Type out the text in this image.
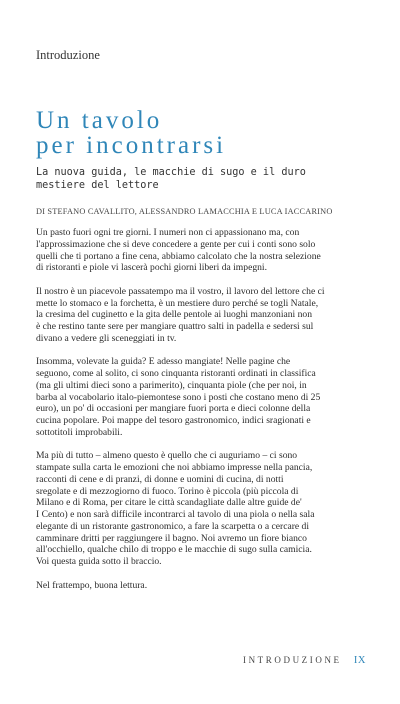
Introduzione
Un tavolo
per incontrarsi
La nuova guida, le macchie di sugo e il duro
mestiere del lettore
DI STEFANO CAVALLITO, ALESSANDRO LAMACCHIA E LUCA IACCARINO

Un pasto fuori ogni tre giorni. I numeri non ci appassionano ma, con
l'approssimazione che si deve concedere a gente per cui i conti sono solo
quelli che ti portano a fine cena, abbiamo calcolato che la nostra selezione
di ristoranti e piole vi lascerà pochi giorni liberi da impegni.

Il nostro è un piacevole passatempo ma il vostro, il lavoro del lettore che ci
mette lo stomaco e la forchetta, è un mestiere duro perché se togli Natale,
la cresima del cuginetto e la gita delle pentole ai luoghi manzoniani non
è che restino tante sere per mangiare quattro salti in padella e sedersi sul
divano a vedere gli sceneggiati in tv.

Insomma, volevate la guida? E adesso mangiate! Nelle pagine che
seguono, come al solito, ci sono cinquanta ristoranti ordinati in classifica
(ma gli ultimi dieci sono a parimerito), cinquanta piole (che per noi, in
barba al vocabolario italo-piemontese sono i posti che costano meno di 25
euro), un po' di occasioni per mangiare fuori porta e dieci colonne della
cucina popolare. Poi mappe del tesoro gastronomico, indici sragionati e
sottotitoli improbabili.

Ma più di tutto – almeno questo è quello che ci auguriamo – ci sono
stampate sulla carta le emozioni che noi abbiamo impresse nella pancia,
racconti di cene e di pranzi, di donne e uomini di cucina, di notti
sregolate e di mezzogiorno di fuoco. Torino è piccola (più piccola di
Milano e di Roma, per citare le città scandagliate dalle altre guide de'
I Cento) e non sarà difficile incontrarci al tavolo di una piola o nella sala
elegante di un ristorante gastronomico, a fare la scarpetta o a cercare di
camminare dritti per raggiungere il bagno. Noi avremo un fiore bianco
all'occhiello, qualche chilo di troppo e le macchie di sugo sulla camicia.
Voi questa guida sotto il braccio.

Nel frattempo, buona lettura.

INTRODUZIONE IX
